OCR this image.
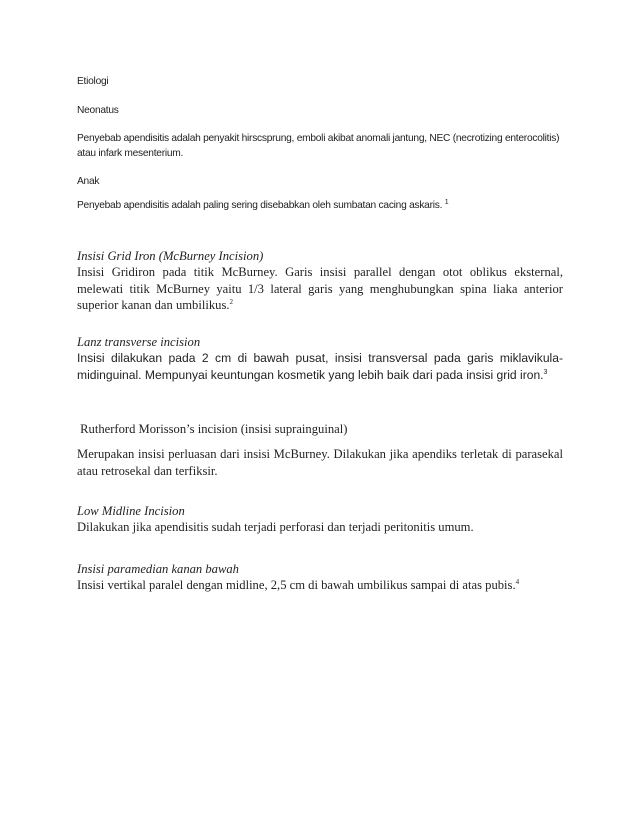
Etiologi

Neonatus

Penyebab apendisitis adalah penyakit hirscsprung, emboli akibat anomali jantung, NEC (necrotizing enterocolitis) atau infark mesenterium.

Anak

Penyebab apendisitis adalah paling sering disebabkan oleh sumbatan cacing askaris. $^1$

Insisi Grid Iron (McBurney Incision)

Insisi Gridiron pada titik McBurney. Garis insisi parallel dengan otot oblikus eksternal, melewati titik McBurney yaitu 1/3 lateral garis yang menghubungkan spina liaka anterior superior kanan dan umbilikus.$^2$

Lanz transverse incision

Insisi dilakukan pada 2 cm di bawah pusat, insisi transversal pada garis miklavikula-midinguinal. Mempunyai keuntungan kosmetik yang lebih baik dari pada insisi grid iron.$^3$

Rutherford Morisson’s incision (insisi suprainguinal)

Merupakan insisi perluasan dari insisi McBurney. Dilakukan jika apendiks terletak di parasekal atau retrosekal dan terfiksir.

Low Midline Incision

Dilakukan jika apendisitis sudah terjadi perforasi dan terjadi peritonitis umum.

Insisi paramedian kanan bawah

Insisi vertikal paralel dengan midline, 2,5 cm di bawah umbilikus sampai di atas pubis.$^4$
